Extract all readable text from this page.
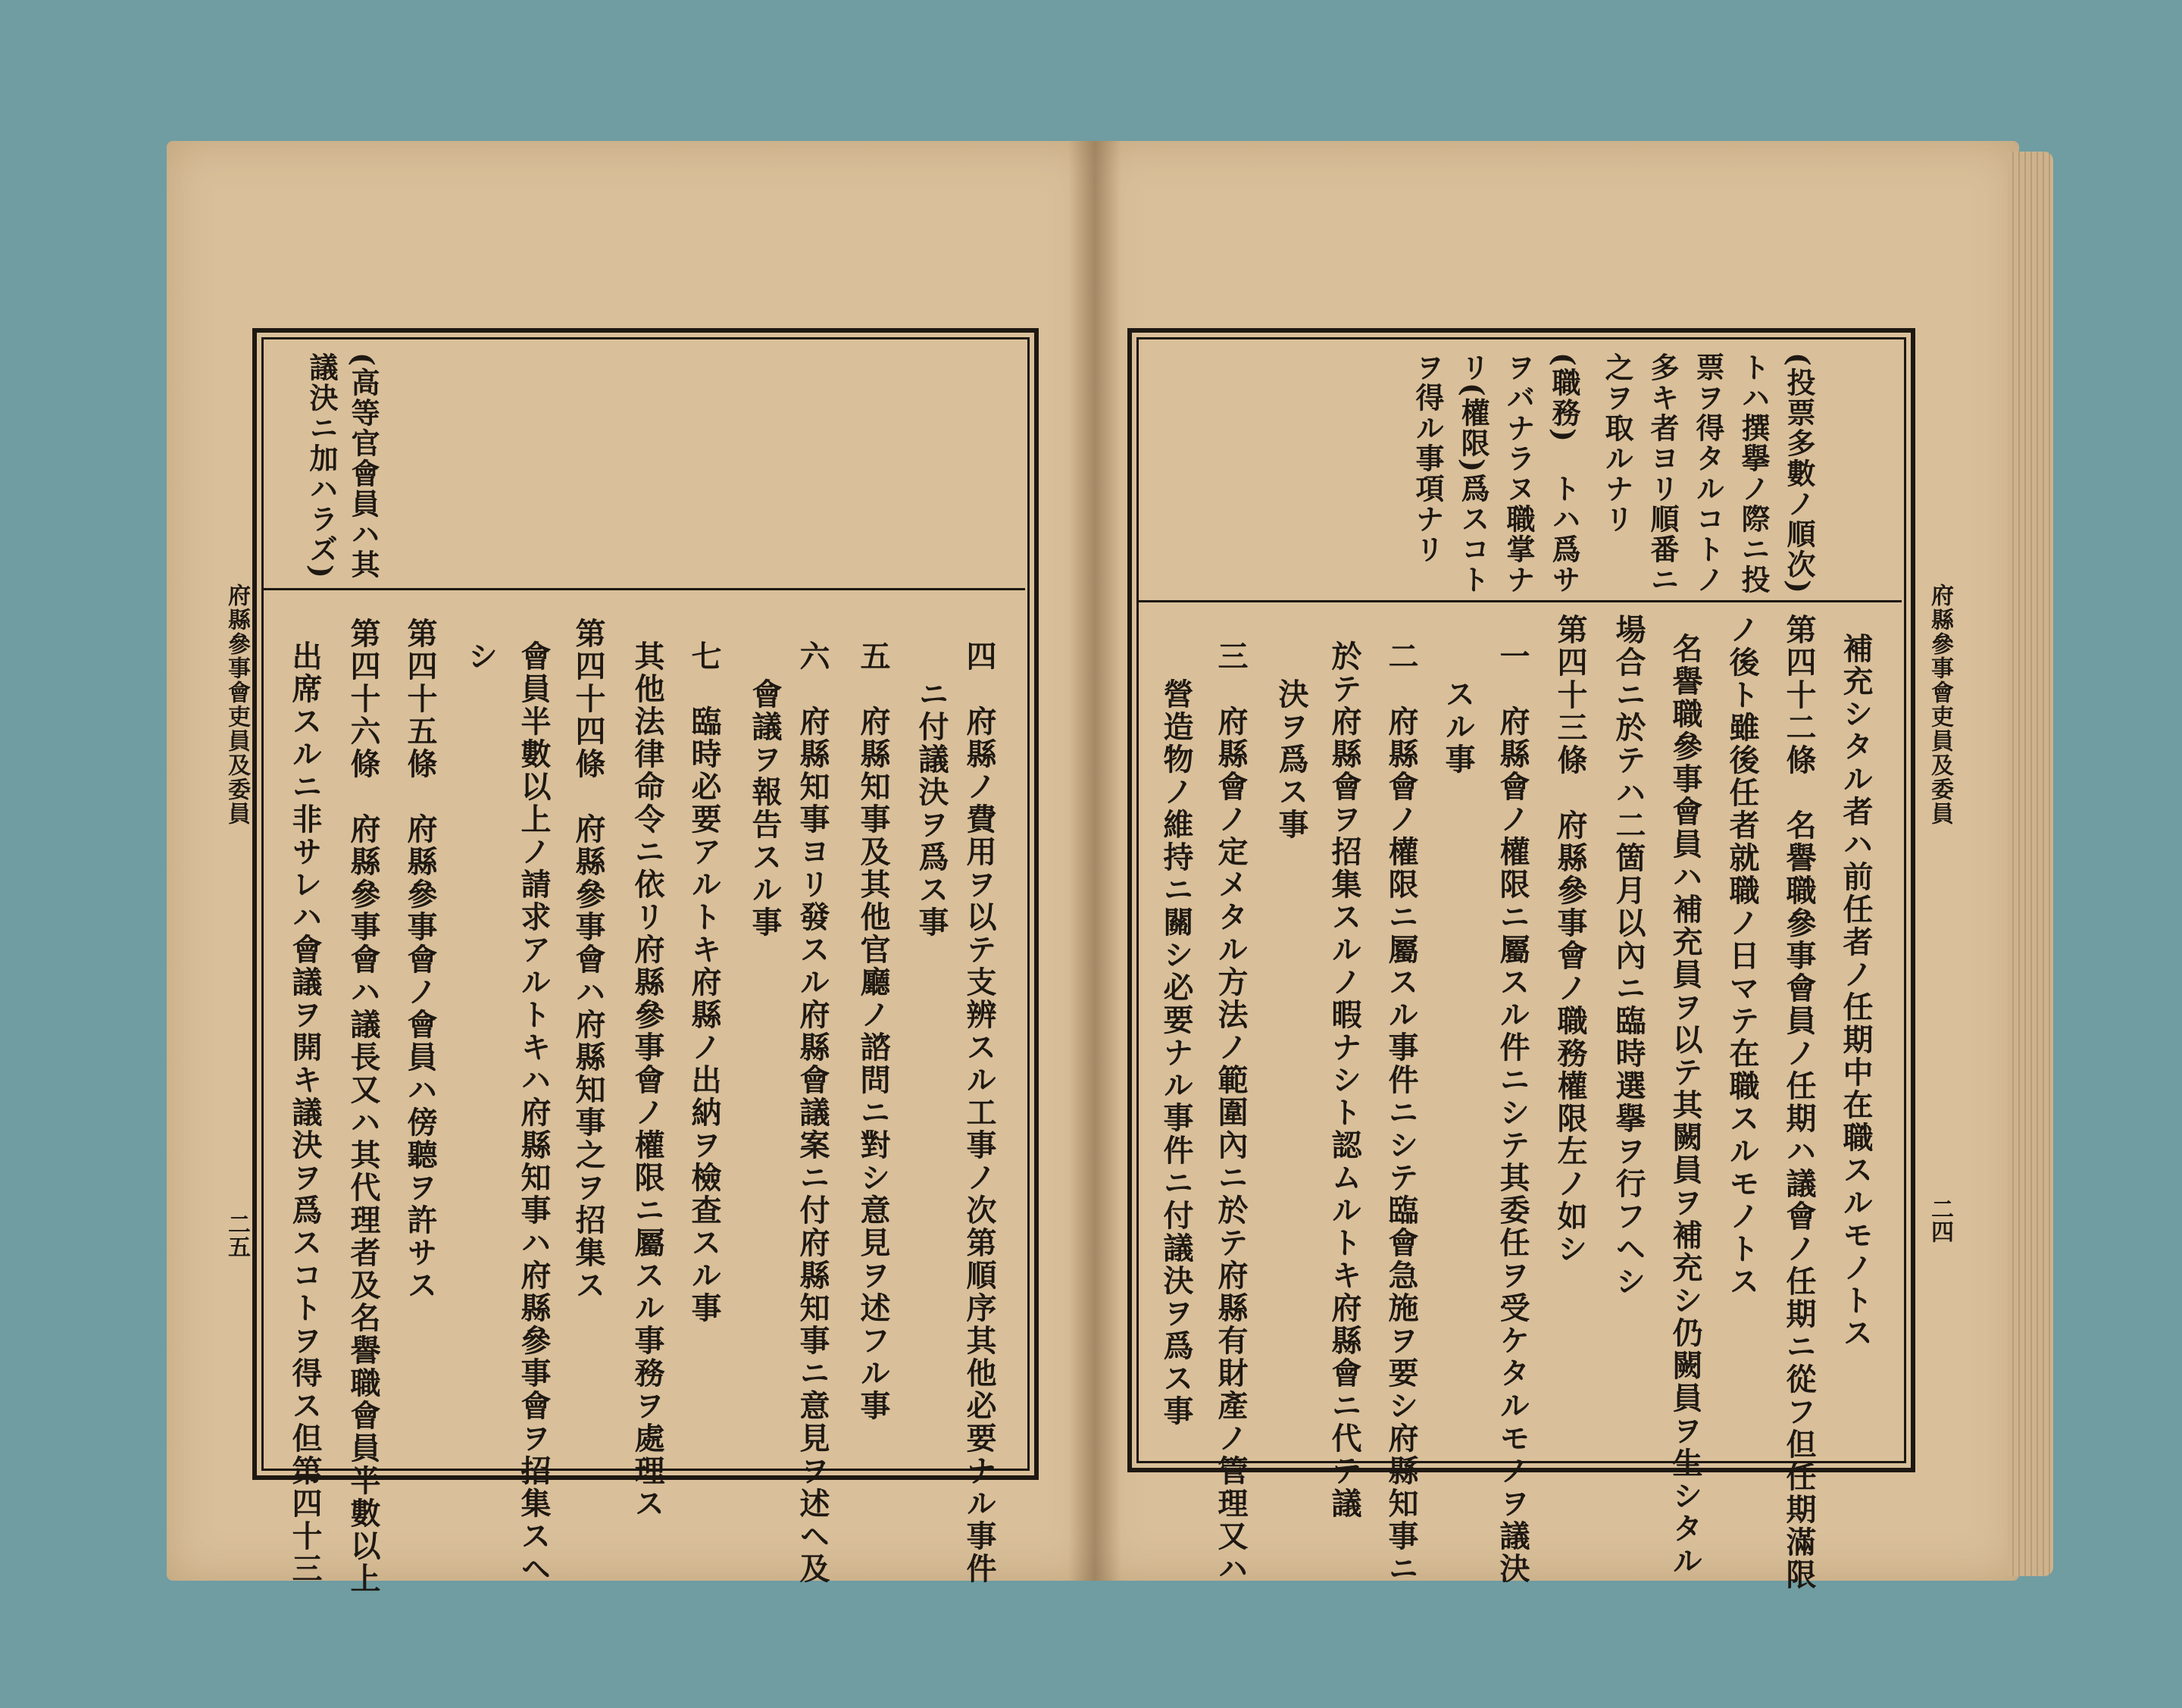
(高等官會員ハ其
議決ニ加ハラズ)
四　府縣ノ費用ヲ以テ支辨スル工事ノ次第順序其他必要ナル事件
ニ付議決ヲ爲ス事
五　府縣知事及其他官廳ノ諮問ニ對シ意見ヲ述フル事
六　府縣知事ヨリ發スル府縣會議案ニ付府縣知事ニ意見ヲ述ヘ及
會議ヲ報告スル事
七　臨時必要アルトキ府縣ノ出納ヲ檢查スル事
其他法律命令ニ依リ府縣參事會ノ權限ニ屬スル事務ヲ處理ス
第四十四條　府縣參事會ハ府縣知事之ヲ招集ス
會員半數以上ノ請求アルトキハ府縣知事ハ府縣參事會ヲ招集スヘ
シ
第四十五條　府縣參事會ノ會員ハ傍聽ヲ許サス
第四十六條　府縣參事會ハ議長又ハ其代理者及名譽職會員半數以上
出席スルニ非サレハ會議ヲ開キ議決ヲ爲スコトヲ得ス但第四十三
府縣參事會吏員及委員
二五
(投票多數ノ順次)
トハ撰擧ノ際ニ投
票ヲ得タルコトノ
多キ者ヨリ順番ニ
之ヲ取ルナリ
(職務)　トハ爲サ
ヲバナラヌ職掌ナ
リ(權限)爲スコト
ヲ得ル事項ナリ
補充シタル者ハ前任者ノ任期中在職スルモノトス
第四十二條　名譽職參事會員ノ任期ハ議會ノ任期ニ從フ但任期滿限
ノ後ト雖後任者就職ノ日マテ在職スルモノトス
名譽職參事會員ハ補充員ヲ以テ其闕員ヲ補充シ仍闕員ヲ生シタル
場合ニ於テハ二箇月以內ニ臨時選擧ヲ行フヘシ
第四十三條　府縣參事會ノ職務權限左ノ如シ
一　府縣會ノ權限ニ屬スル件ニシテ其委任ヲ受ケタルモノヲ議決
スル事
二　府縣會ノ權限ニ屬スル事件ニシテ臨會急施ヲ要シ府縣知事ニ
於テ府縣會ヲ招集スルノ暇ナシト認ムルトキ府縣會ニ代テ議
決ヲ爲ス事
三　府縣會ノ定メタル方法ノ範圍內ニ於テ府縣有財產ノ管理又ハ
營造物ノ維持ニ關シ必要ナル事件ニ付議決ヲ爲ス事	府縣參事會吏員及委員
二四
